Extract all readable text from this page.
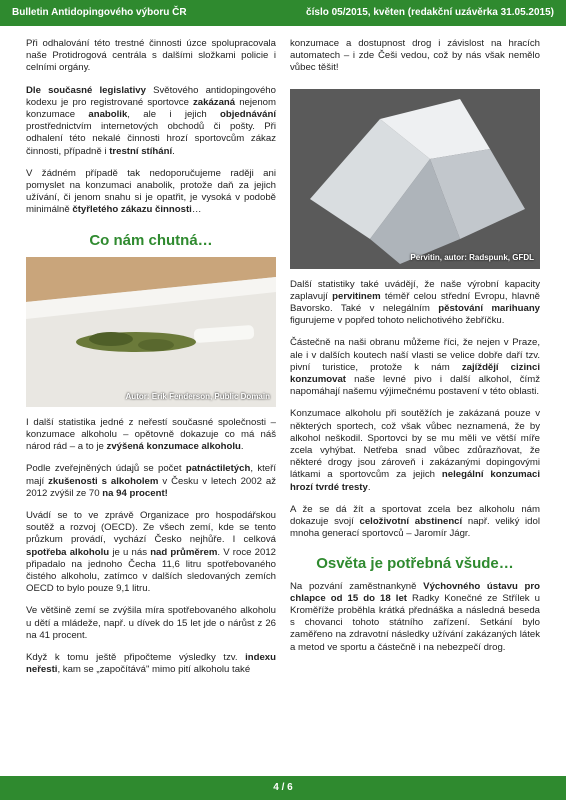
Bulletin Antidopingového výboru ČR	číslo 05/2015, květen (redakční uzávěrka 31.05.2015)

Při odhalování této trestné činnosti úzce spolupracovala naše Protidrogová centrála s dalšími složkami policie i celními orgány.

Dle současné legislativy Světového antidopingového kodexu je pro registrované sportovce zakázaná nejenom konzumace anabolik, ale i jejich objednávání prostřednictvím internetových obchodů či pošty. Při odhalení této nekalé činnosti hrozí sportovcům zákaz činnosti, případně i trestní stíhání.

V žádném případě tak nedoporučujeme raději ani pomyslet na konzumaci anabolik, protože daň za jejich užívání, či jenom snahu si je opatřit, je vysoká v podobě minimálně čtyřletého zákazu činnosti…

Co nám chutná…
Autor: Erik Fenderson, Public Domain

I další statistika jedné z neřestí současné společnosti – konzumace alkoholu – opětovně dokazuje co má náš národ rád – a to je zvýšená konzumace alkoholu.

Podle zveřejněných údajů se počet patnáctiletých, kteří mají zkušenosti s alkoholem v Česku v letech 2002 až 2012 zvýšil ze 70 na 94 procent!

Uvádí se to ve zprávě Organizace pro hospodářskou soutěž a rozvoj (OECD). Ze všech zemí, kde se tento průzkum provádí, vychází Česko nejhůře. I celková spotřeba alkoholu je u nás nad průměrem. V roce 2012 připadalo na jednoho Čecha 11,6 litru spotřebovaného čistého alkoholu, zatímco v dalších sledovaných zemích OECD to bylo pouze 9,1 litru.

Ve většině zemí se zvýšila míra spotřebovaného alkoholu u dětí a mládeže, např. u dívek do 15 let jde o nárůst z 26 na 41 procent.

Když k tomu ještě připočteme výsledky tzv. indexu neřesti, kam se „započítává" mimo pití alkoholu také

konzumace a dostupnost drog i závislost na hracích automatech – i zde Češi vedou, což by nás však nemělo vůbec těšit!

Pervitin, autor: Radspunk, GFDL

Další statistiky také uvádějí, že naše výrobní kapacity zaplavují pervitinem téměř celou střední Evropu, hlavně Bavorsko. Také v nelegálním pěstování marihuany figurujeme v popřed tohoto nelichotivého žebříčku.

Částečně na naši obranu můžeme říci, že nejen v Praze, ale i v dalších koutech naší vlasti se velice dobře daří tzv. pivní turistice, protože k nám zajíždějí cizinci konzumovat naše levné pivo i další alkohol, čímž napomáhají našemu výjimečnému postavení v této oblasti.

Konzumace alkoholu při soutěžích je zakázaná pouze v některých sportech, což však vůbec neznamená, že by alkohol neškodil. Sportovci by se mu měli ve větší míře zcela vyhýbat. Netřeba snad vůbec zdůrazňovat, že některé drogy jsou zároveň i zakázanými dopingovými látkami a sportovcům za jejich nelegální konzumaci hrozí tvrdé tresty.

A že se dá žít a sportovat zcela bez alkoholu nám dokazuje svojí celoživotní abstinencí např. veliký idol mnoha generací sportovců – Jaromír Jágr.

Osvěta je potřebná všude…

Na pozvání zaměstnankyně Výchovného ústavu pro chlapce od 15 do 18 let Radky Konečné ze Střílek u Kroměříže proběhla krátká přednáška a následná beseda s chovanci tohoto státního zařízení. Setkání bylo zaměřeno na zdravotní následky užívání zakázaných látek a metod ve sportu a částečně i na nebezpečí drog.

4 / 6
